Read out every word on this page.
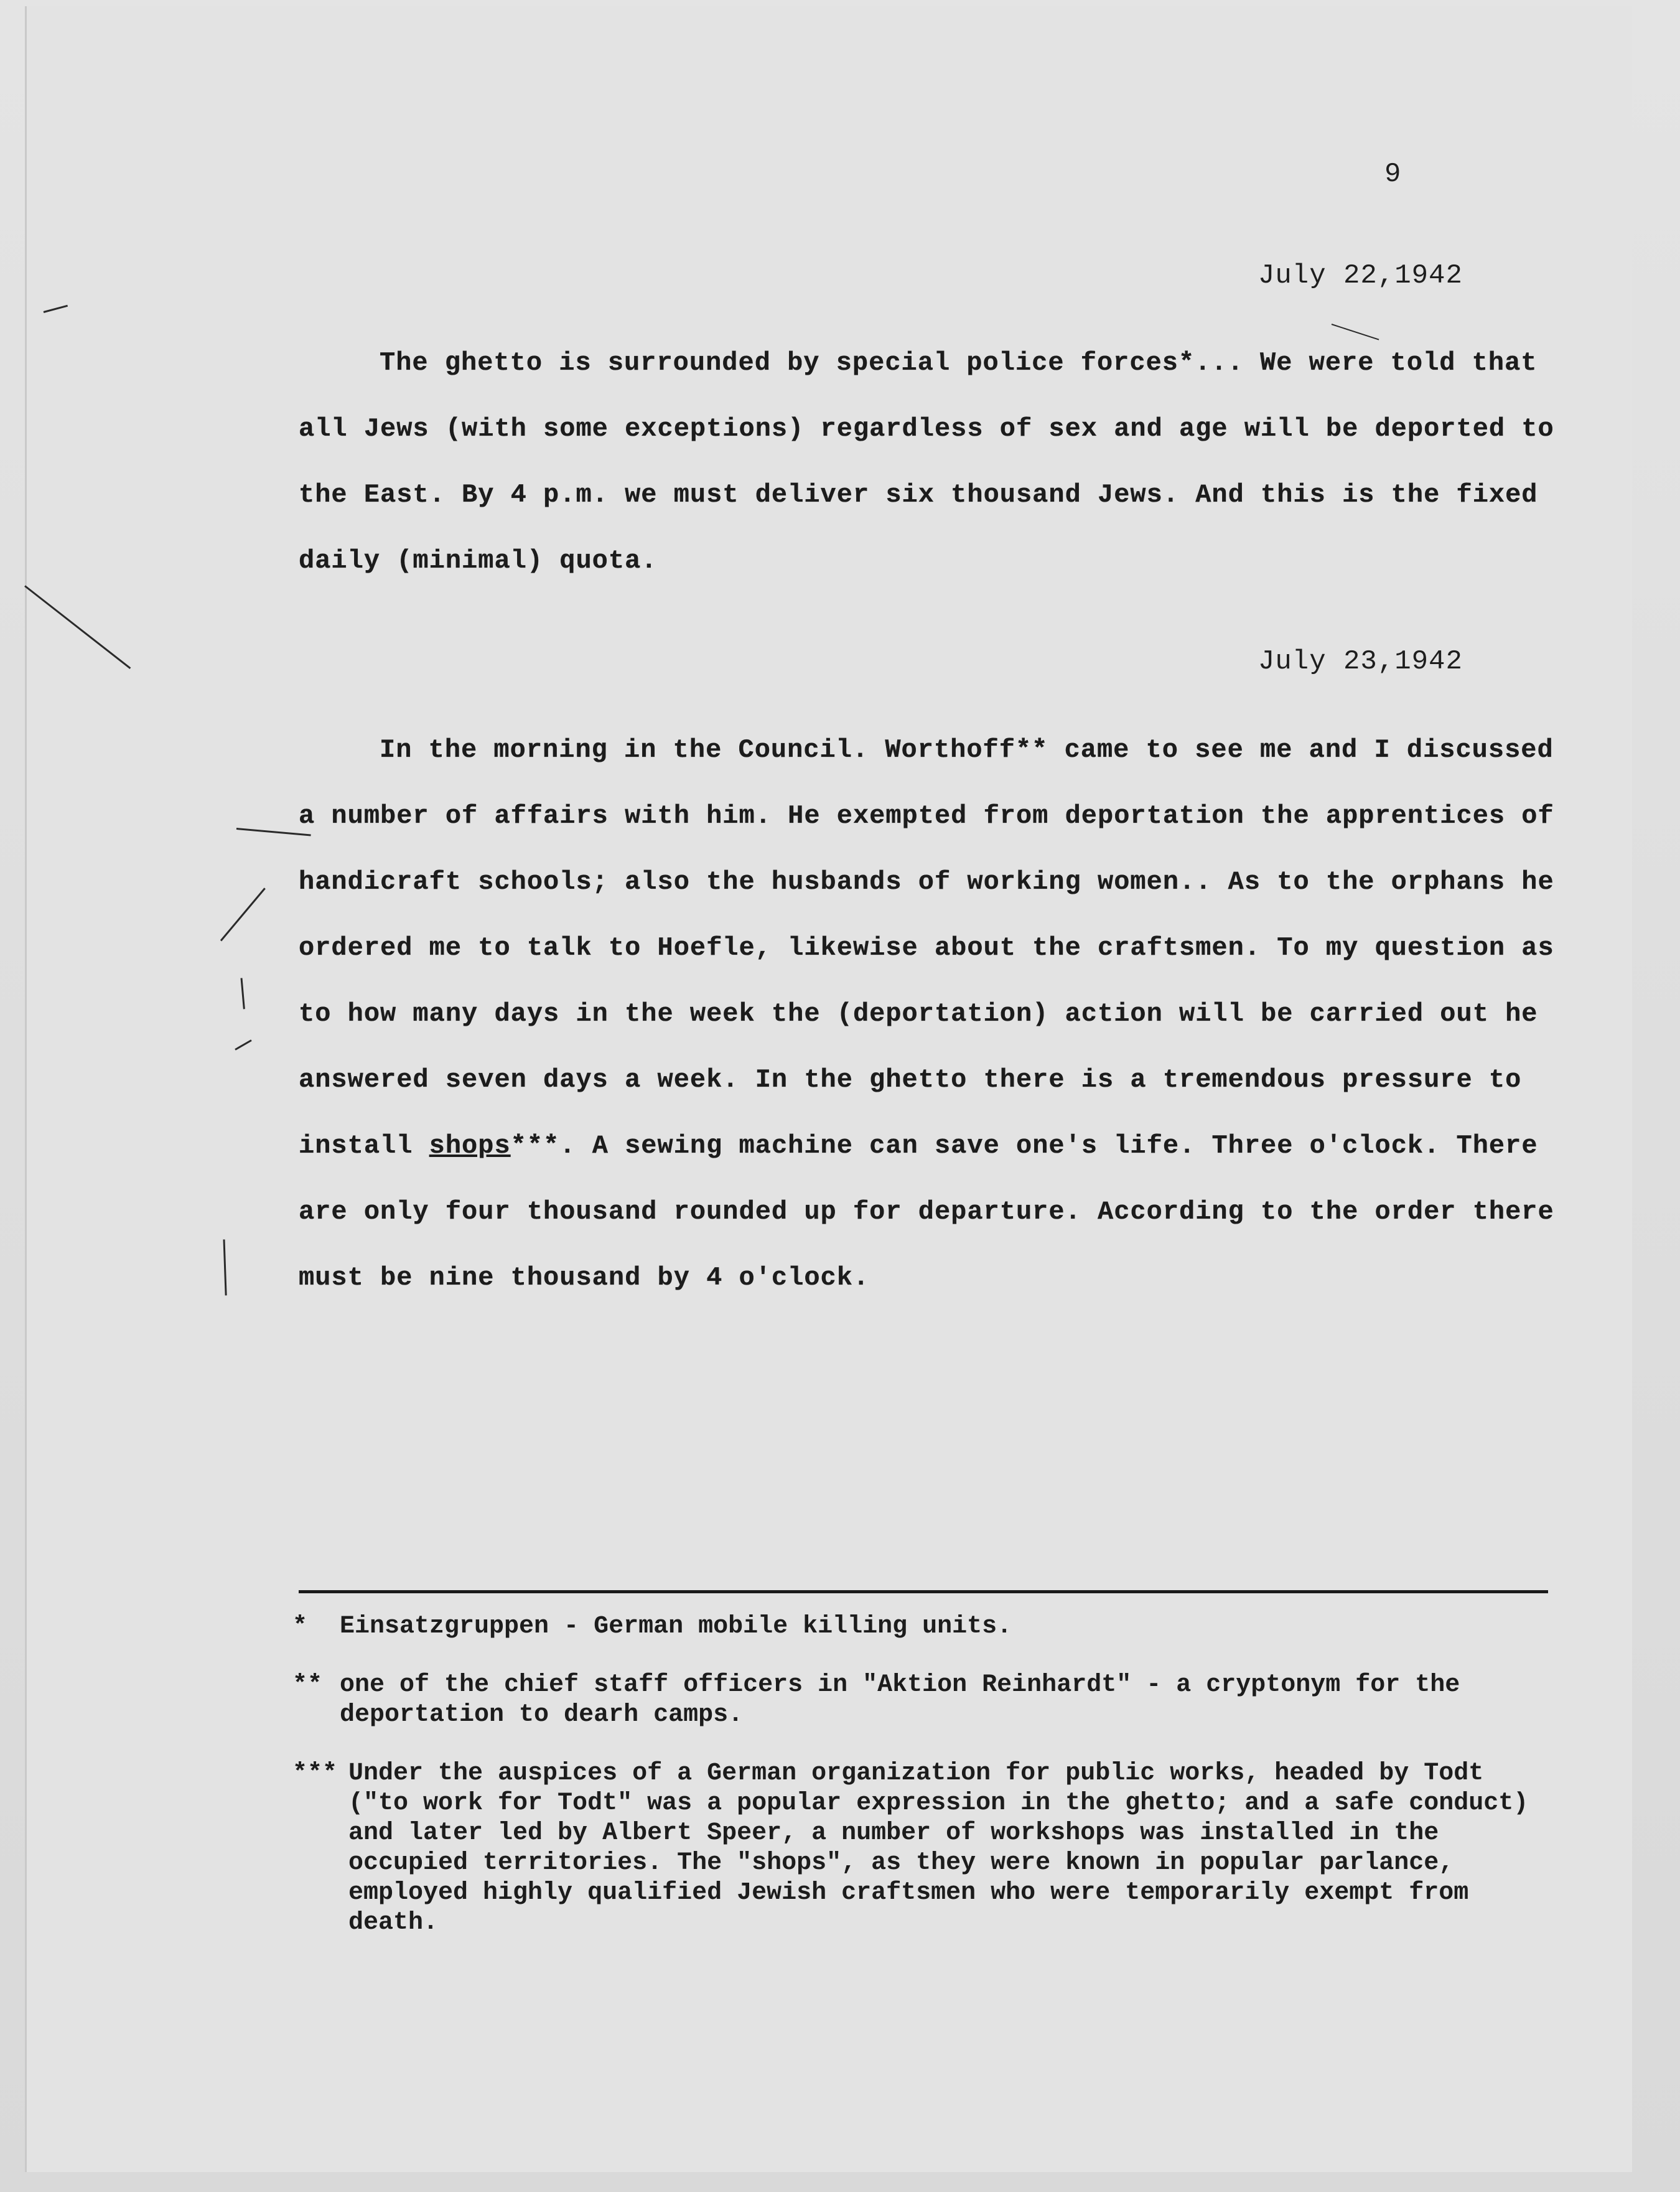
9
July 22,1942

The ghetto is surrounded by special police forces*... We were told that all Jews (with some exceptions) regardless of sex and age will be deported to the East. By 4 p.m. we must deliver six thousand Jews. And this is the fixed daily (minimal) quota.

July 23,1942

In the morning in the Council. Worthoff** came to see me and I discussed a number of affairs with him. He exempted from deportation the apprentices of handicraft schools; also the husbands of working women.. As to the orphans he ordered me to talk to Hoefle, likewise about the craftsmen. To my question as to how many days in the week the (deportation) action will be carried out he answered seven days a week. In the ghetto there is a tremendous pressure to install shops***. A sewing machine can save one's life. Three o'clock. There are only four thousand rounded up for departure. According to the order there must be nine thousand by 4 o'clock.

*	Einsatzgruppen - German mobile killing units.
** one of the chief staff officers in "Aktion Reinhardt" - a cryptonym for the deportation to dearh camps.
*** Under the auspices of a German organization for public works, headed by Todt ("to work for Todt" was a popular expression in the ghetto; and a safe conduct) and later led by Albert Speer, a number of workshops was installed in the occupied territories. The "shops", as they were known in popular parlance, employed highly qualified Jewish craftsmen who were temporarily exempt from death.
